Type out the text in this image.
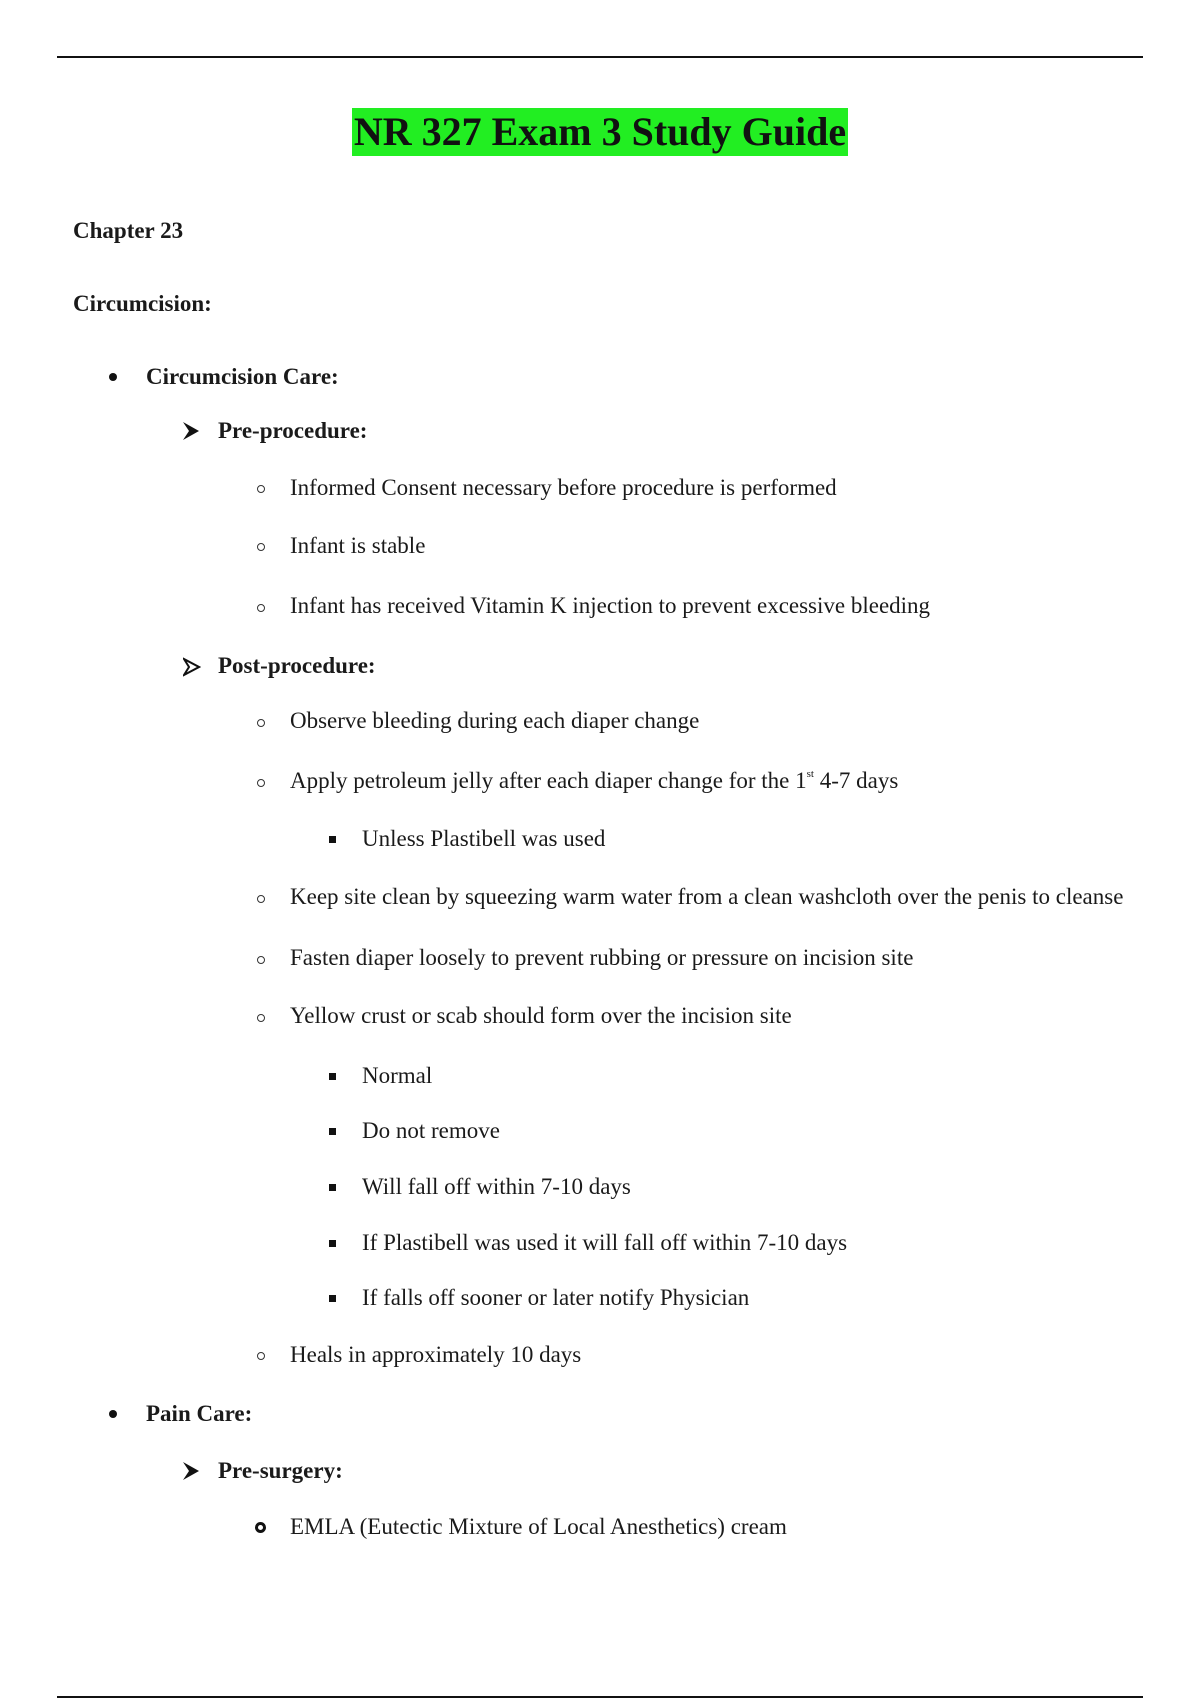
NR 327 Exam 3 Study Guide
Chapter 23
Circumcision:
Circumcision Care:
Pre-procedure:
Informed Consent necessary before procedure is performed
Infant is stable
Infant has received Vitamin K injection to prevent excessive bleeding
Post-procedure:
Observe bleeding during each diaper change
Apply petroleum jelly after each diaper change for the 1st 4-7 days
Unless Plastibell was used
Keep site clean by squeezing warm water from a clean washcloth over the penis to cleanse
Fasten diaper loosely to prevent rubbing or pressure on incision site
Yellow crust or scab should form over the incision site
Normal
Do not remove
Will fall off within 7-10 days
If Plastibell was used it will fall off within 7-10 days
If falls off sooner or later notify Physician
Heals in approximately 10 days
Pain Care:
Pre-surgery:
EMLA (Eutectic Mixture of Local Anesthetics) cream
